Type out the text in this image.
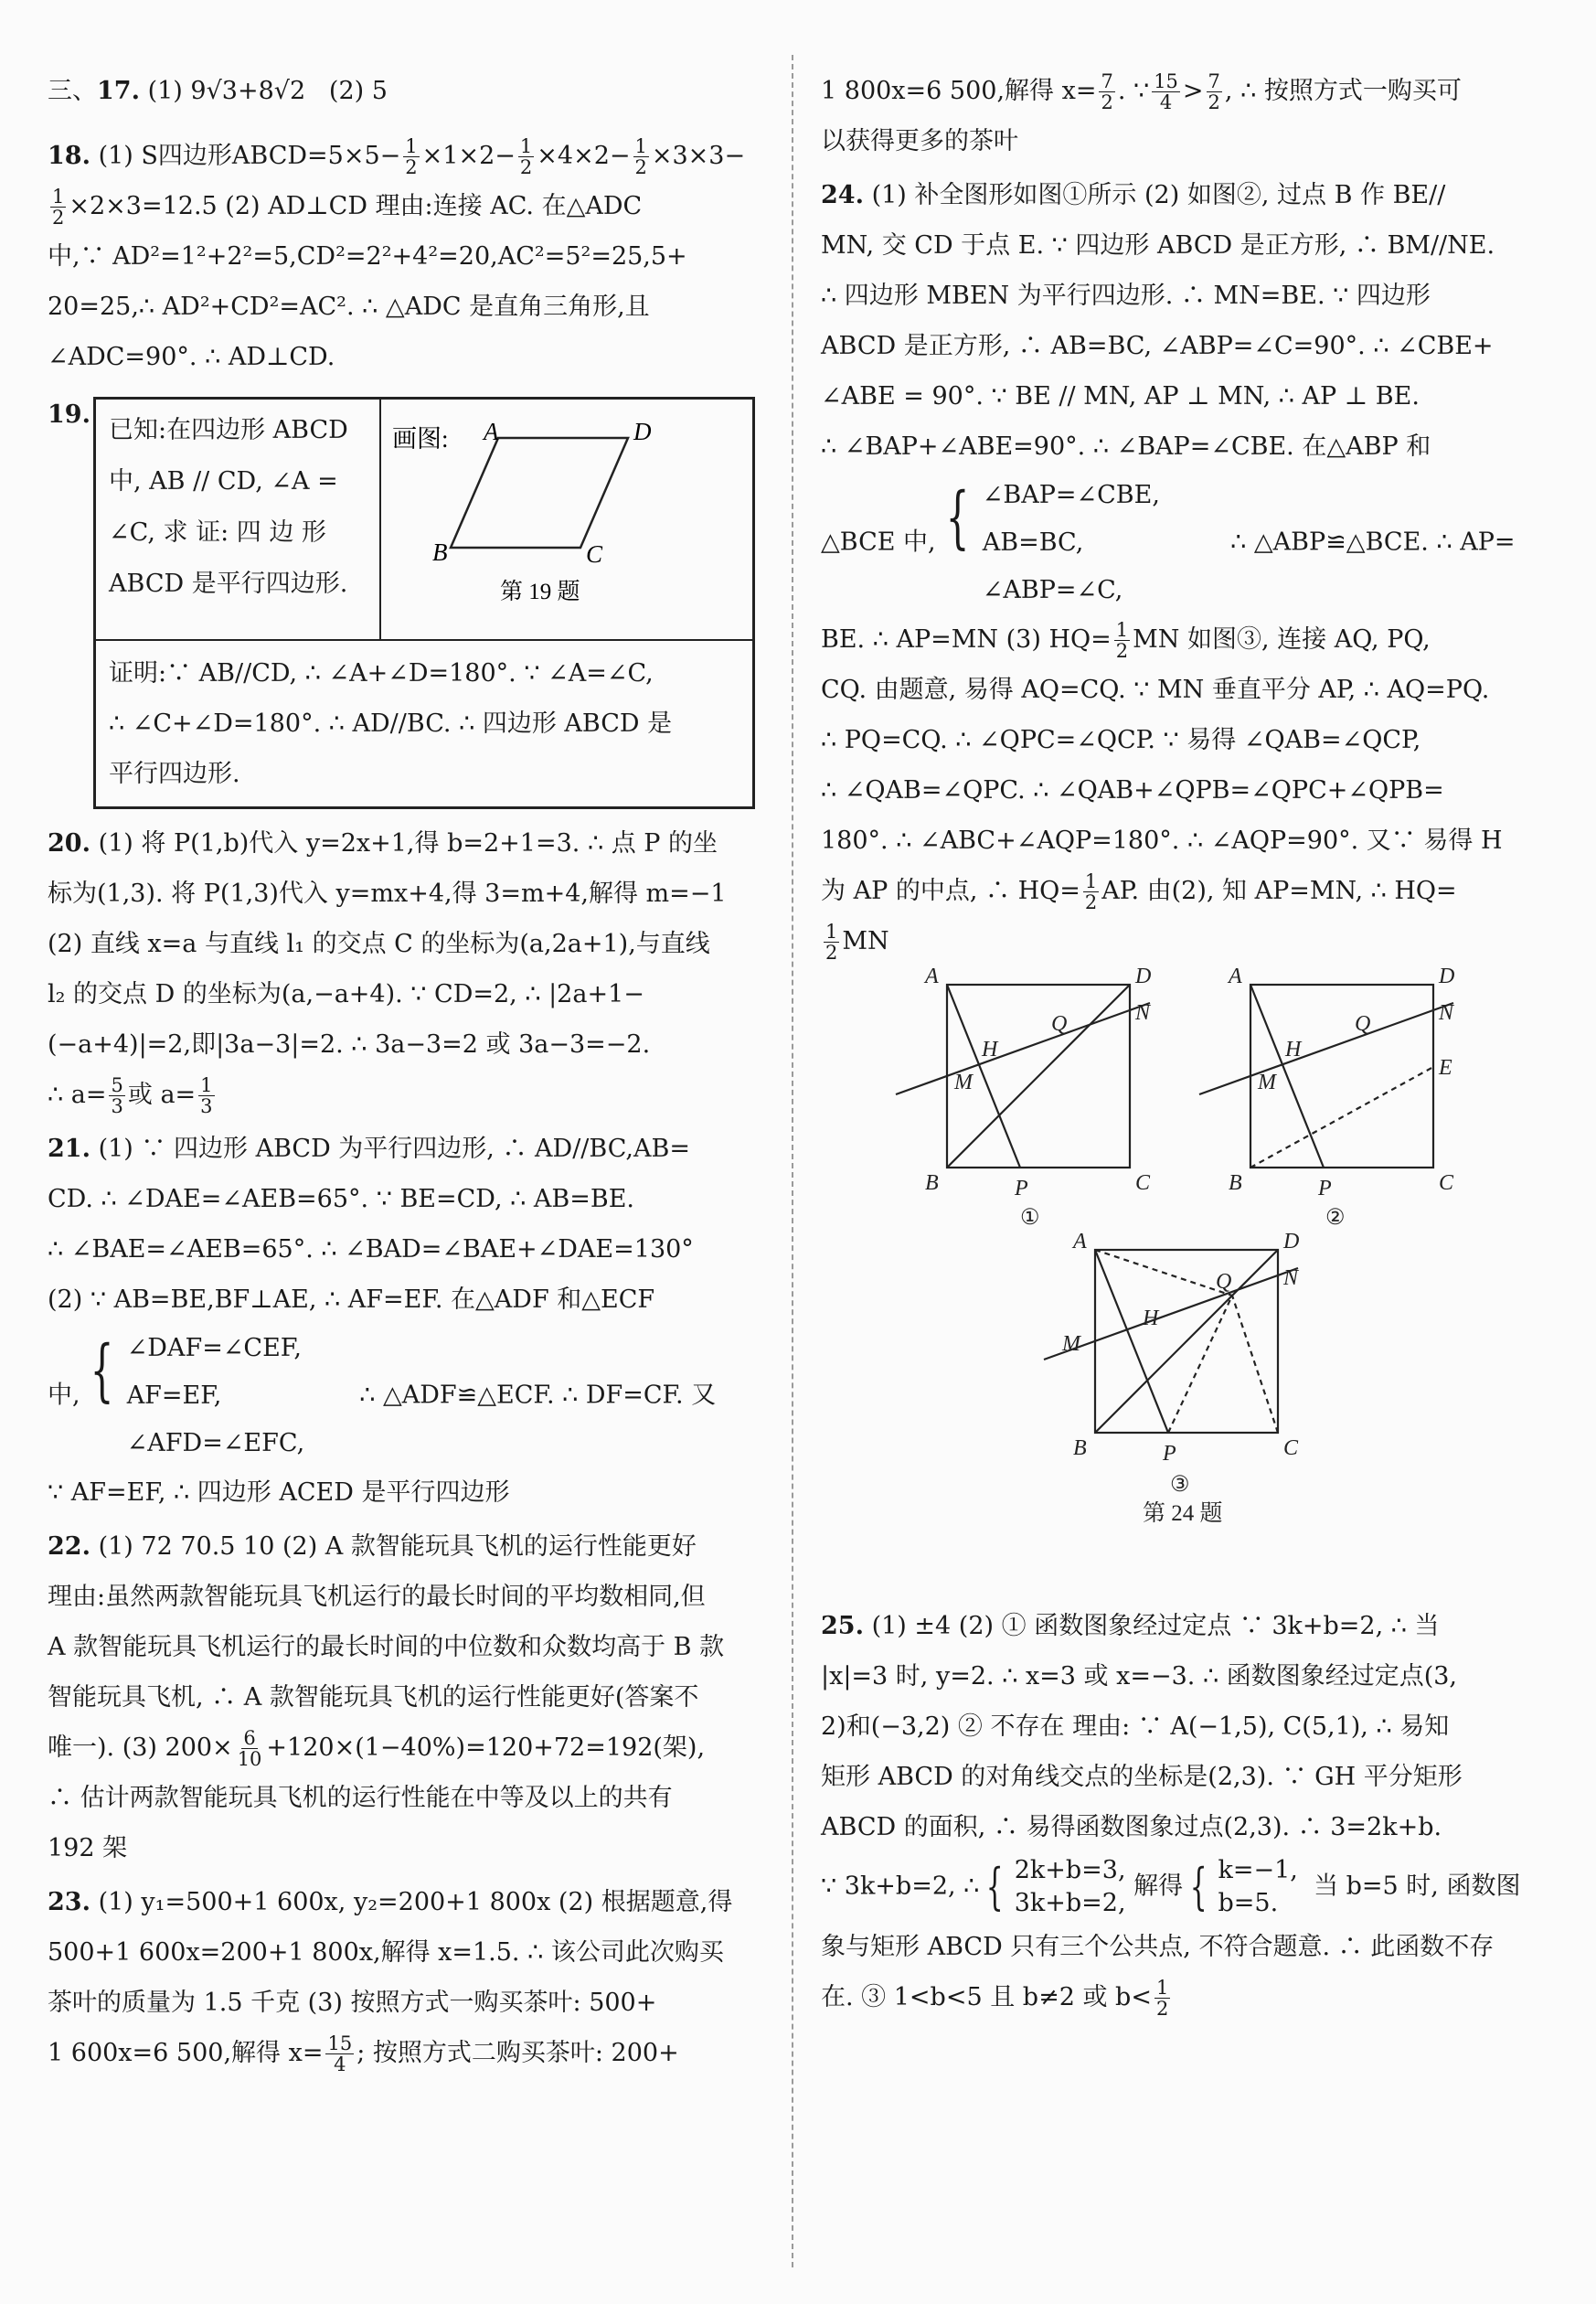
三、17. (1) 9√3+8√2 (2) 5

18. (1) S四边形ABCD=5×5− $\frac{1}{2} \times 1\times 2- \frac{1}{2} \times 4\times 2- \frac{1}{2} \times 3\times 3-$

$\frac{1}{2} \times 2\times 3=12.5$ (2) AD⊥CD 理由:连接 AC. 在△ADC
中,∵ AD²=1²+2²=5,CD²=2²+4²=20,AC²=5²=25,5+
20=25,∴ AD²+CD²=AC². ∴ △ADC 是直角三角形,且
∠ADC=90°. ∴ AD⊥CD.

19.
已知:在四边形 ABCD
中, AB // CD, ∠A =
∠C, 求 证: 四 边 形
ABCD 是平行四边形.
画图: A	D
B	C
第 19 题
证明:∵ AB//CD, ∴ ∠A+∠D=180°. ∵ ∠A=∠C,
∴ ∠C+∠D=180°. ∴ AD//BC. ∴ 四边形 ABCD 是
平行四边形.

20. (1) 将 P(1,b)代入 y=2x+1,得 b=2+1=3. ∴ 点 P 的坐
标为(1,3). 将 P(1,3)代入 y=mx+4,得 3=m+4,解得 m=−1
(2) 直线 x=a 与直线 l₁ 的交点 C 的坐标为(a,2a+1),与直线
l₂ 的交点 D 的坐标为(a,−a+4). ∵ CD=2, ∴ |2a+1−
(−a+4)|=2,即|3a−3|=2. ∴ 3a−3=2 或 3a−3=−2.
∴ $a= \frac{5}{3}$ 或 $a= \frac{1}{3}$

21. (1) ∵ 四边形 ABCD 为平行四边形, ∴ AD//BC,AB=
CD. ∴ ∠DAE=∠AEB=65°. ∵ BE=CD, ∴ AB=BE.
∴ ∠BAE=∠AEB=65°. ∴ ∠BAD=∠BAE+∠DAE=130°
(2) ∵ AB=BE,BF⊥AE, ∴ AF=EF. 在△ADF 和△ECF
中, { ∠DAF=∠CEF,
AF=EF,
∠AFD=∠EFC,
∴ △ADF≌△ECF. ∴ DF=CF. 又
∵ AF=EF, ∴ 四边形 ACED 是平行四边形

22. (1) 72 70.5 10 (2) A 款智能玩具飞机的运行性能更好
理由:虽然两款智能玩具飞机运行的最长时间的平均数相同,但
A 款智能玩具飞机运行的最长时间的中位数和众数均高于 B 款
智能玩具飞机, ∴ A 款智能玩具飞机的运行性能更好(答案不
唯一). (3) $200\times \frac{6}{10} +120\times(1-40\%)=120+72=192$(架),
∴ 估计两款智能玩具飞机的运行性能在中等及以上的共有
192 架

23. (1) y₁=500+1 600x, y₂=200+1 800x (2) 根据题意,得
500+1 600x=200+1 800x,解得 x=1.5. ∴ 该公司此次购买
茶叶的质量为 1.5 千克 (3) 按照方式一购买茶叶: 500+
1 600x=6 500,解得 $x= \frac{15}{4}$ ; 按照方式二购买茶叶: 200+

1 800x=6 500,解得 $x= \frac{7}{2}$ . ∵ $\frac{15}{4} > \frac{7}{2}$ , ∴ 按照方式一购买可
以获得更多的茶叶

24. (1) 补全图形如图①所示 (2) 如图②, 过点 B 作 BE//
MN, 交 CD 于点 E. ∵ 四边形 ABCD 是正方形, ∴ BM//NE.
∴ 四边形 MBEN 为平行四边形. ∴ MN=BE. ∵ 四边形
ABCD 是正方形, ∴ AB=BC, ∠ABP=∠C=90°. ∴ ∠CBE+
∠ABE = 90°. ∵ BE // MN, AP ⊥ MN, ∴ AP ⊥ BE.
∴ ∠BAP+∠ABE=90°. ∴ ∠BAP=∠CBE. 在△ABP 和
△BCE 中, { ∠BAP=∠CBE,
AB=BC,
∠ABP=∠C,
∴ △ABP≌△BCE. ∴ AP=
BE. ∴ AP=MN (3) $HQ= \frac{1}{2}$ MN 如图③, 连接 AQ, PQ,
CQ. 由题意, 易得 AQ=CQ. ∵ MN 垂直平分 AP, ∴ AQ=PQ.
∴ PQ=CQ. ∴ ∠QPC=∠QCP. ∵ 易得 ∠QAB=∠QCP,
∴ ∠QAB=∠QPC. ∴ ∠QAB+∠QPB=∠QPC+∠QPB=
180°. ∴ ∠ABC+∠AQP=180°. ∴ ∠AQP=90°. 又∵ 易得 H
为 AP 的中点, ∴ $HQ= \frac{1}{2}$ AP. 由(2), 知 AP=MN, ∴ HQ=

$\frac{1}{2}$ MN

A	D
B	C
N
M
H
Q
P
①
A	D
B	C
N
E
M
H
Q
P
②
A	D
B	C
N
M
H
Q
P
③
第 24 题

25. (1) ±4 (2) ① 函数图象经过定点 ∵ 3k+b=2, ∴ 当
|x|=3 时, y=2. ∴ x=3 或 x=−3. ∴ 函数图象经过定点(3,
2)和(−3,2) ② 不存在 理由: ∵ A(−1,5), C(5,1), ∴ 易知
矩形 ABCD 的对角线交点的坐标是(2,3). ∵ GH 平分矩形
ABCD 的面积, ∴ 易得函数图象过点(2,3). ∴ 3=2k+b.
∵ 3k+b=2, ∴ { 2k+b=3,
3k+b=2,
解得 { k=−1,
b=5.
当 b=5 时, 函数图
象与矩形 ABCD 只有三个公共点, 不符合题意. ∴ 此函数不存
在. ③ 1<b<5 且 b≠2 或 $b< \frac{1}{2}$
